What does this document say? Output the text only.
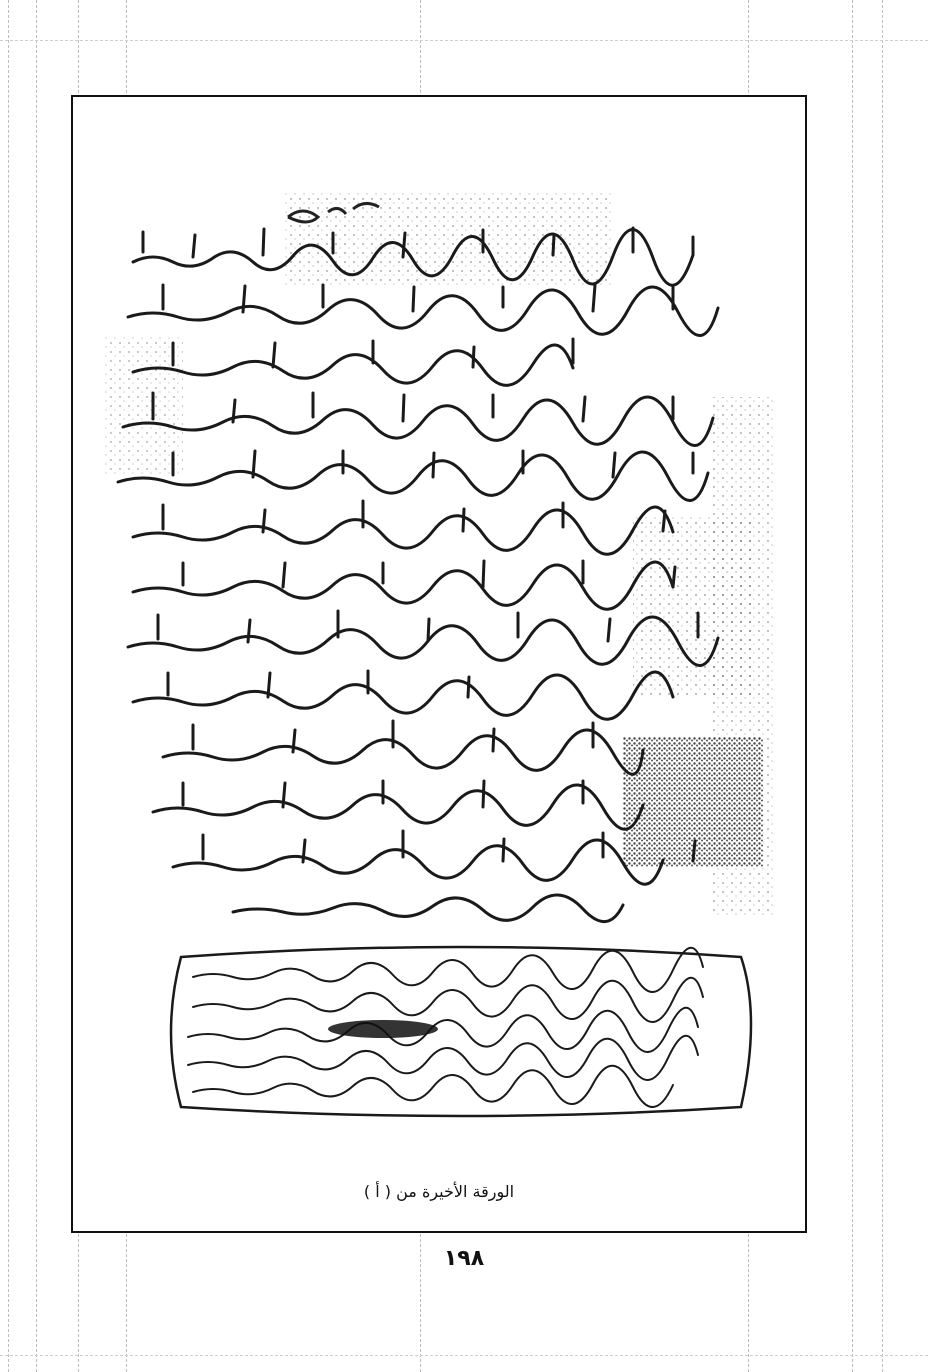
الورقة الأخيرة من ( أ )
١٩٨
